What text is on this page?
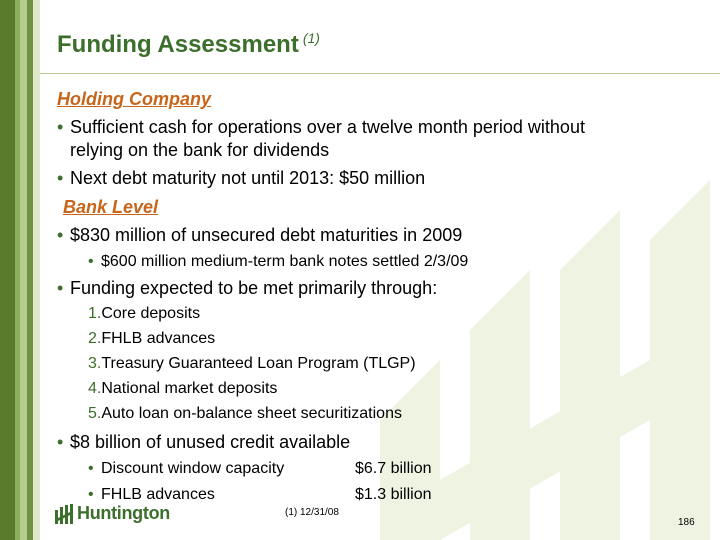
Funding Assessment $^{(1)}$
Holding Company
• Sufficient cash for operations over a twelve month period without
relying on the bank for dividends
• Next debt maturity not until 2013: $50 million
Bank Level
• $830 million of unsecured debt maturities in 2009
• $600 million medium-term bank notes settled 2/3/09
• Funding expected to be met primarily through:
1.Core deposits
2.FHLB advances
3.Treasury Guaranteed Loan Program (TLGP)
4.National market deposits
5.Auto loan on-balance sheet securitizations
• $8 billion of unused credit available
• Discount window capacity	$6.7 billion
• FHLB advances	$1.3 billion
Huntington	(1) 12/31/08
186
